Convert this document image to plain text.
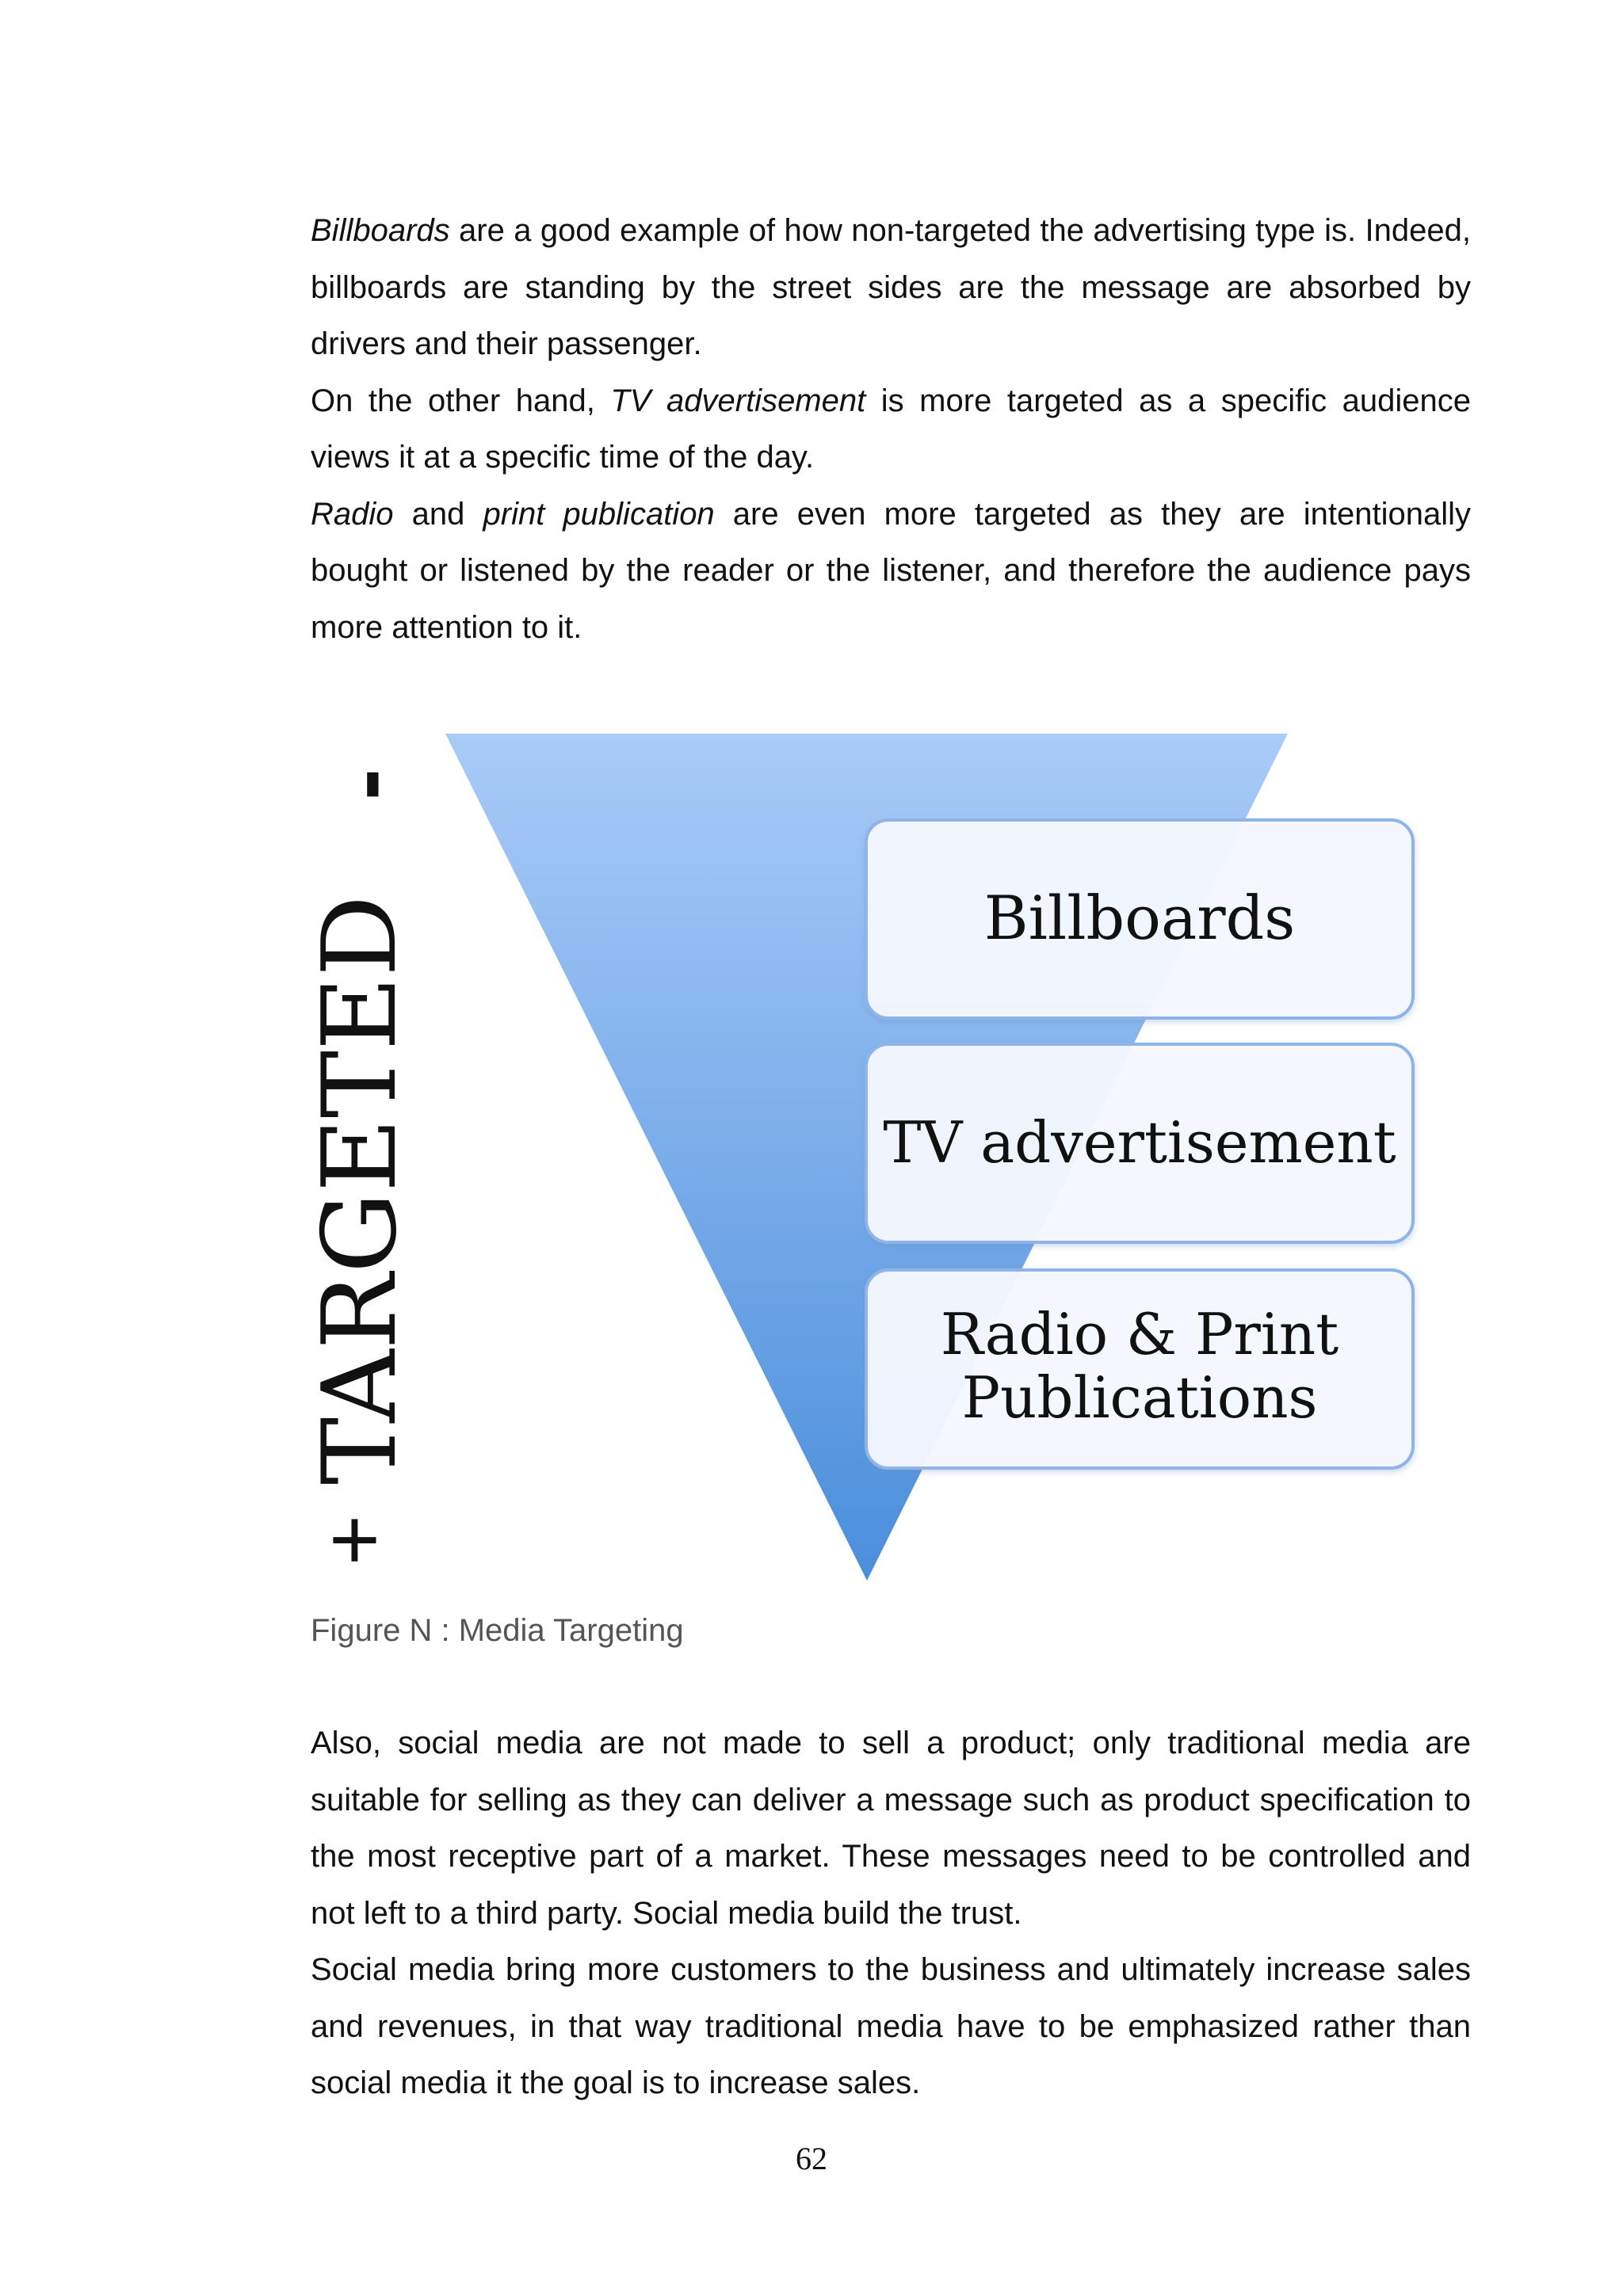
Billboards are a good example of how non-targeted the advertising type is. Indeed, billboards are standing by the street sides are the message are absorbed by drivers and their passenger.

On the other hand, TV advertisement is more targeted as a specific audience views it at a specific time of the day.

Radio and print publication are even more targeted as they are intentionally bought or listened by the reader or the listener, and therefore the audience pays more attention to it.

-
TARGETED
+
Billboards
TV advertisement
Radio & Print
Publications
Figure N : Media Targeting

Also, social media are not made to sell a product; only traditional media are suitable for selling as they can deliver a message such as product specification to the most receptive part of a market. These messages need to be controlled and not left to a third party. Social media build the trust.

Social media bring more customers to the business and ultimately increase sales and revenues, in that way traditional media have to be emphasized rather than social media it the goal is to increase sales.

62
